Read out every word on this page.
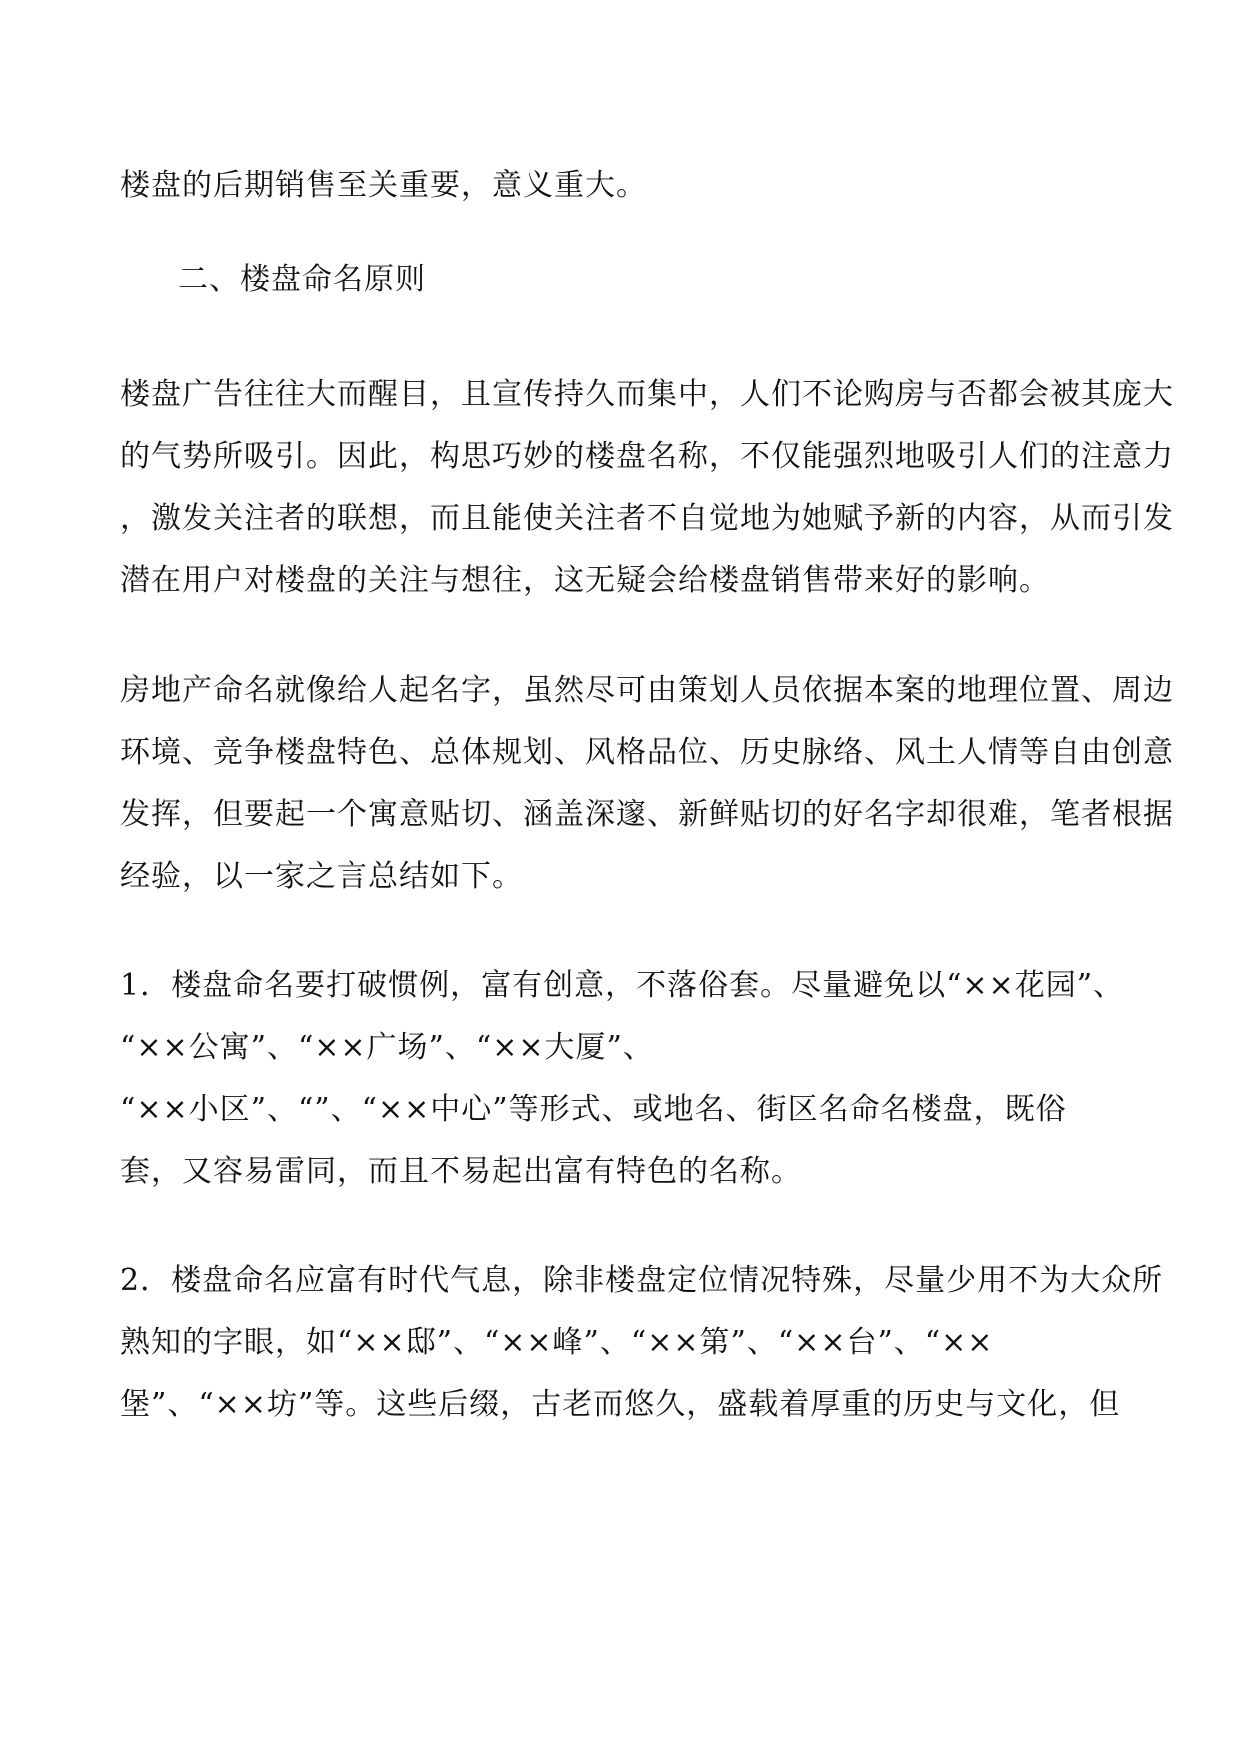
楼盘的后期销售至关重要，意义重大。
二、楼盘命名原则
楼盘广告往往大而醒目，且宣传持久而集中，人们不论购房与否都会被其庞大
的气势所吸引。因此，构思巧妙的楼盘名称，不仅能强烈地吸引人们的注意力
，激发关注者的联想，而且能使关注者不自觉地为她赋予新的内容，从而引发
潜在用户对楼盘的关注与想往，这无疑会给楼盘销售带来好的影响。
房地产命名就像给人起名字，虽然尽可由策划人员依据本案的地理位置、周边
环境、竞争楼盘特色、总体规划、风格品位、历史脉络、风土人情等自由创意
发挥，但要起一个寓意贴切、涵盖深邃、新鲜贴切的好名字却很难，笔者根据
经验，以一家之言总结如下。
1．楼盘命名要打破惯例，富有创意，不落俗套。尽量避免以“××花园”、
“××公寓”、“××广场”、“××大厦”、
“××小区”、“”、“××中心”等形式、或地名、街区名命名楼盘，既俗
套，又容易雷同，而且不易起出富有特色的名称。
2．楼盘命名应富有时代气息，除非楼盘定位情况特殊，尽量少用不为大众所
熟知的字眼，如“××邸”、“××峰”、“××第”、“××台”、“××
堡”、“××坊”等。这些后缀，古老而悠久，盛载着厚重的历史与文化，但
